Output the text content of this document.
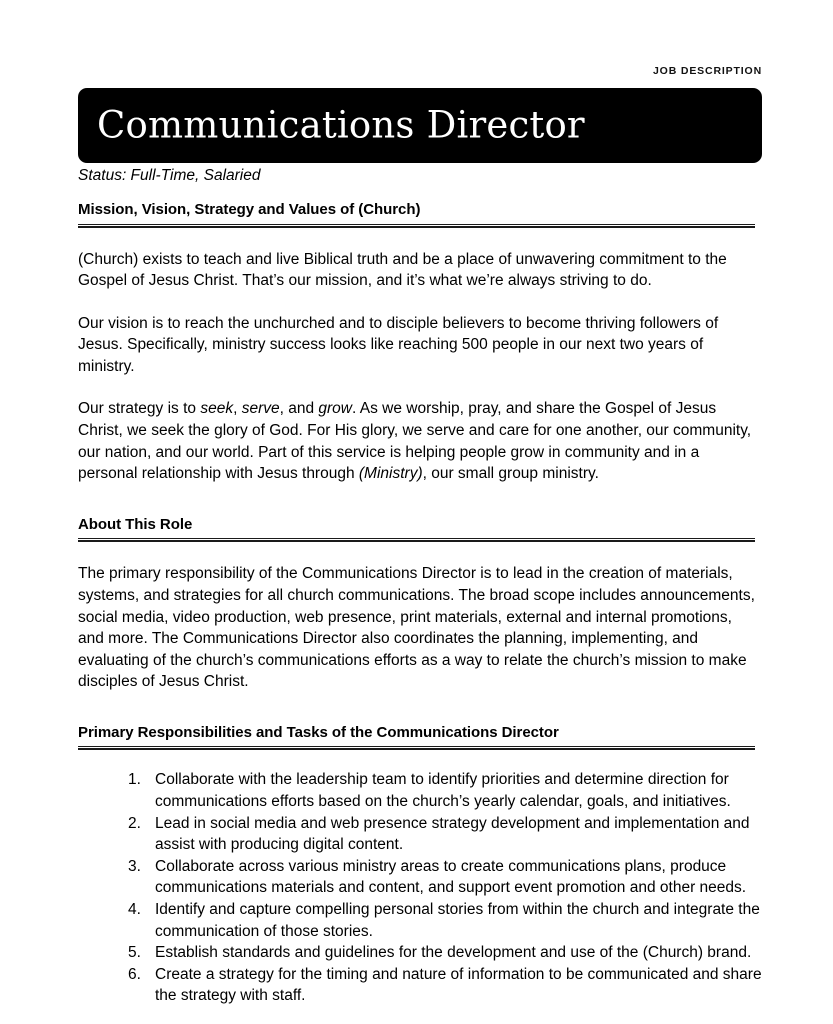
JOB DESCRIPTION
Communications Director
Status: Full-Time, Salaried
Mission, Vision, Strategy and Values of (Church)

(Church) exists to teach and live Biblical truth and be a place of unwavering commitment to the Gospel of Jesus Christ. That’s our mission, and it’s what we’re always striving to do.

Our vision is to reach the unchurched and to disciple believers to become thriving followers of Jesus. Specifically, ministry success looks like reaching 500 people in our next two years of ministry.

Our strategy is to seek, serve, and grow. As we worship, pray, and share the Gospel of Jesus Christ, we seek the glory of God. For His glory, we serve and care for one another, our community, our nation, and our world. Part of this service is helping people grow in community and in a personal relationship with Jesus through (Ministry), our small group ministry.

About This Role

The primary responsibility of the Communications Director is to lead in the creation of materials, systems, and strategies for all church communications. The broad scope includes announcements, social media, video production, web presence, print materials, external and internal promotions, and more. The Communications Director also coordinates the planning, implementing, and evaluating of the church’s communications efforts as a way to relate the church’s mission to make disciples of Jesus Christ.

Primary Responsibilities and Tasks of the Communications Director
Collaborate with the leadership team to identify priorities and determine direction for communications efforts based on the church’s yearly calendar, goals, and initiatives.
Lead in social media and web presence strategy development and implementation and assist with producing digital content.
Collaborate across various ministry areas to create communications plans, produce communications materials and content, and support event promotion and other needs.
Identify and capture compelling personal stories from within the church and integrate the communication of those stories.
Establish standards and guidelines for the development and use of the (Church) brand.
Create a strategy for the timing and nature of information to be communicated and share the strategy with staff.
